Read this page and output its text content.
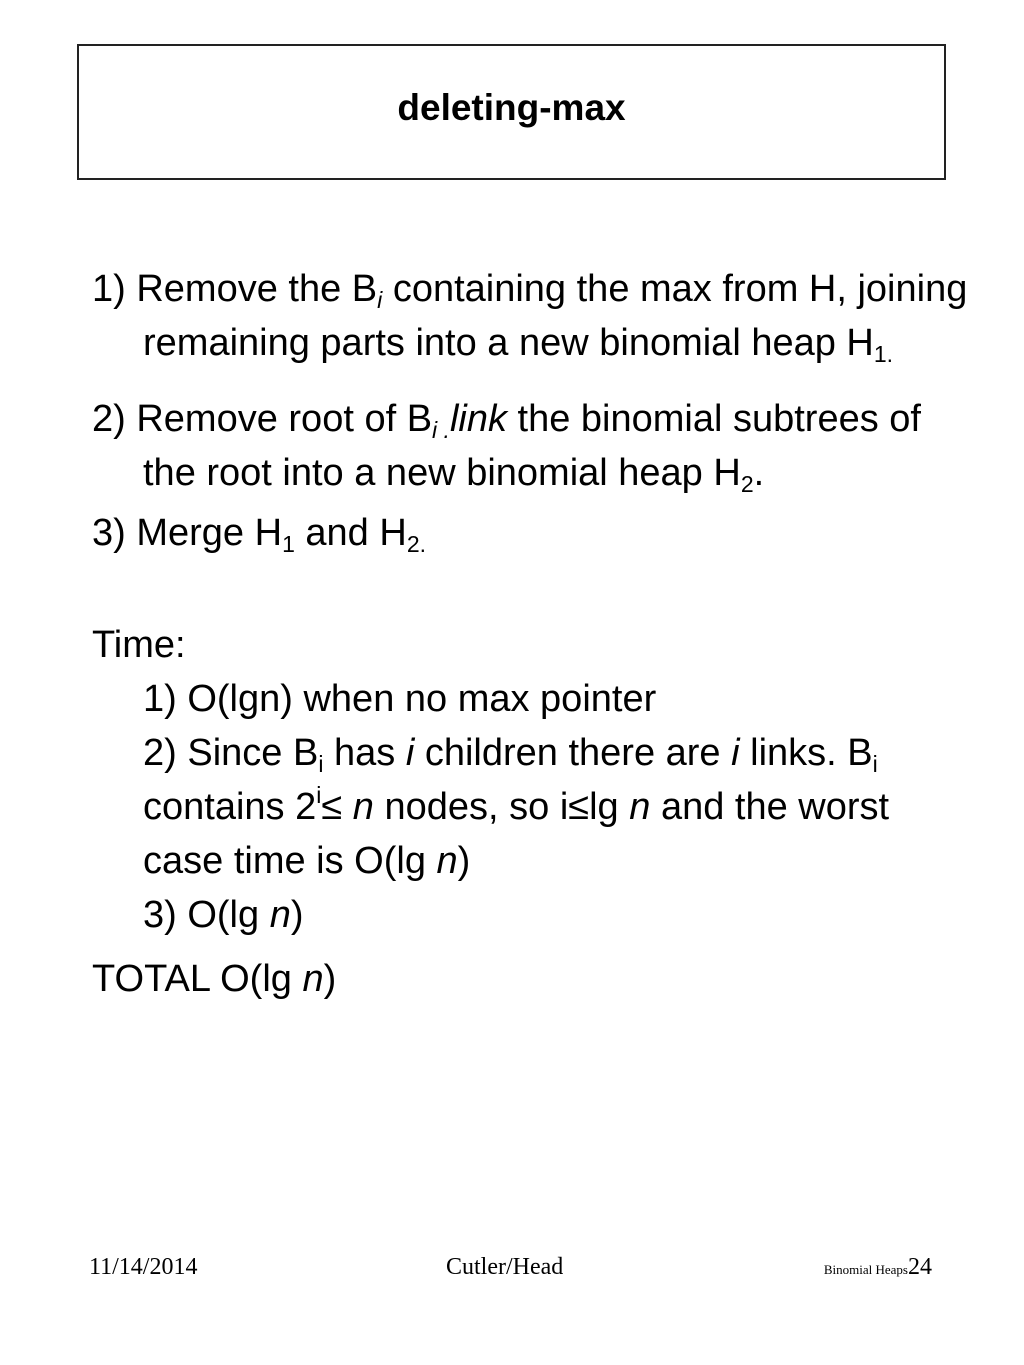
deleting-max
1) Remove the $B_i$ containing the max from H, joining remaining parts into a new binomial heap $H_{1.}$
2) Remove root of $B_{i .}link$ the binomial subtrees of the root into a new binomial heap $H_2$.
3) Merge $H_1$ and $H_{2.}$
Time:
1) O(lgn) when no max pointer
2) Since $B_i$ has i children there are i links. $B_i$ contains $2^i\le n$ nodes, so i≤lg n and the worst case time is O(lg n)
3) O(lg n)
TOTAL O(lg n)
11/14/2014	Cutler/Head	Binomial Heaps24
